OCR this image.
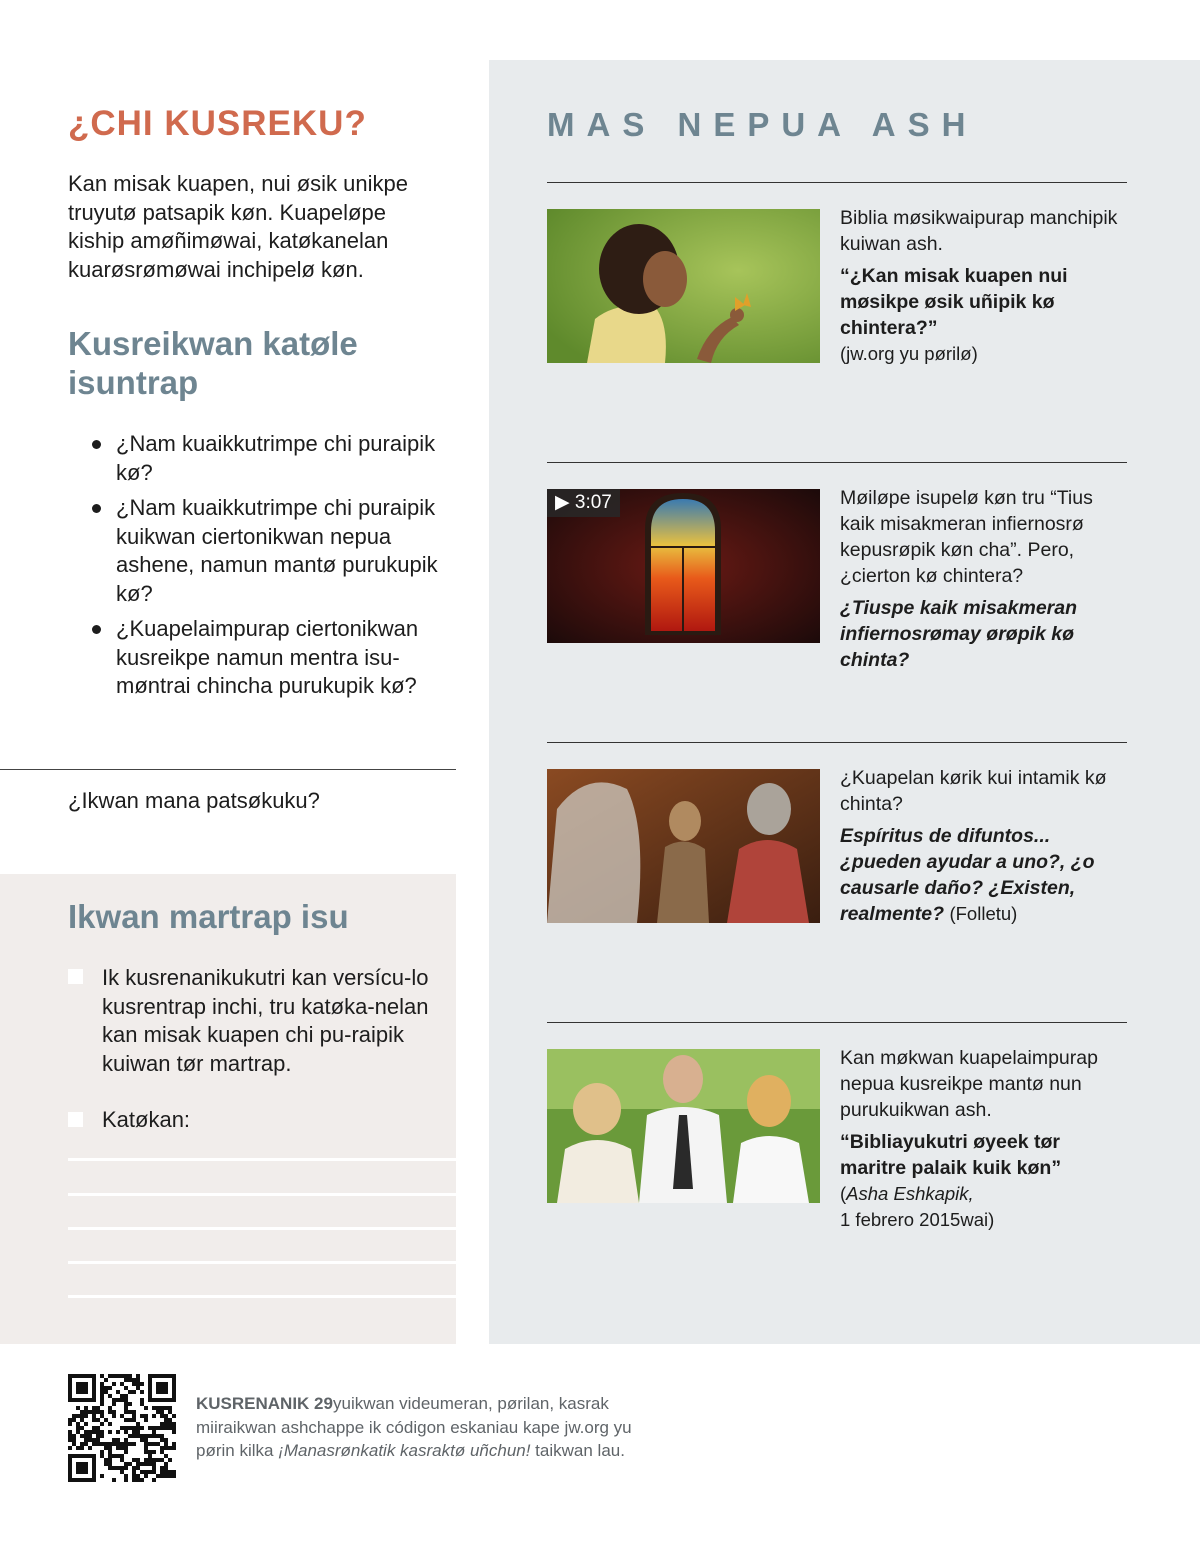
¿CHI KUSREKU?

Kan misak kuapen, nui øsik unikpe truyutø patsapik køn. Kuapeløpe kiship amøñimøwai, katøkanelan kuarøsrømøwai inchipelø køn.

Kusreikwan katøle isuntrap
¿Nam kuaikkutrimpe chi puraipik kø?
¿Nam kuaikkutrimpe chi puraipik kuikwan ciertonikwan nepua ashene, namun mantø purukupik kø?
¿Kuapelaimpurap ciertonikwan kusreikpe namun mentra isu-møntrai chincha purukupik kø?

¿Ikwan mana patsøkuku?

Ikwan martrap isu

Ik kusrenanikukutri kan versícu-lo kusrentrap inchi, tru katøka-nelan kan misak kuapen chi pu-raipik kuiwan tør martrap.

Katøkan:

MAS NEPUA ASH

Biblia møsikwaipurap manchipik kuiwan ash.

“¿Kan misak kuapen nui møsikpe øsik uñipik kø chintera?”

(jw.org yu pørilø)

▶ 3:07	Møiløpe isupelø køn tru “Tius kaik misakmeran infiernosrø kepusrøpik køn cha”. Pero, ¿cierton kø chintera?

¿Tiuspe kaik misakmeran infiernosrømay ørøpik kø chinta?

¿Kuapelan kørik kui intamik kø chinta?

Espíritus de difuntos... ¿pueden ayudar a uno?, ¿o causarle daño? ¿Existen, realmente? (Folletu)

Kan møkwan kuapelaimpurap nepua kusreikpe mantø nun purukuikwan ash.

“Bibliayukutri øyeek tør maritre palaik kuik køn”

(Asha Eshkapik,
1 febrero 2015wai)

KUSRENANIK 29yuikwan videumeran, pørilan, kasrak miiraikwan ashchappe ik códigon eskaniau kape jw.org yu pørin kilka ¡Manasrønkatik kasraktø uñchun! taikwan lau.
